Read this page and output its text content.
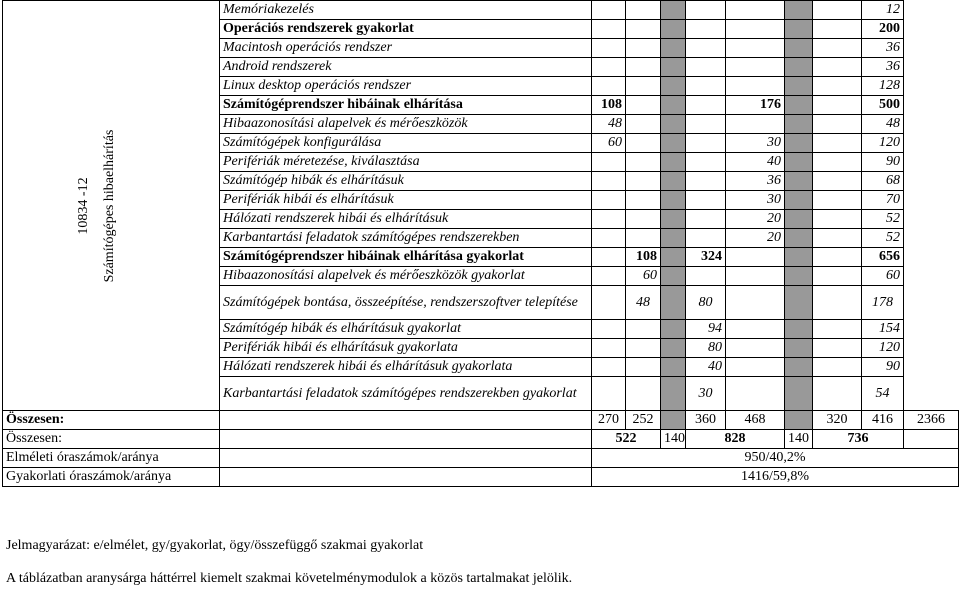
10834 -12 Számítógépes hibaelhárítás	Memóriakezelés								12	
	Operációs rendszerek gyakorlat								200	
	Macintosh operációs rendszer								36	
	Android rendszerek								36	
	Linux desktop operációs rendszer								128	
	Számítógéprendszer hibáinak elhárítása	108				176			500	
	Hibaazonosítási alapelvek és mérőeszközök	48							48	
	Számítógépek konfigurálása	60				30			120	
	Perifériák méretezése, kiválasztása					40			90	
	Számítógép hibák és elhárításuk					36			68	
	Perifériák hibái és elhárításuk					30			70	
	Hálózati rendszerek hibái és elhárításuk					20			52	
	Karbantartási feladatok számítógépes rendszerekben					20			52	
	Számítógéprendszer hibáinak elhárítása gyakorlat		108		324				656	
	Hibaazonosítási alapelvek és mérőeszközök gyakorlat		60						60	
	Számítógépek bontása, összeépítése, rendszerszoftver telepítése		48		80				178	
	Számítógép hibák és elhárításuk gyakorlat				94				154	
	Perifériák hibái és elhárításuk gyakorlata				80				120	
	Hálózati rendszerek hibái és elhárításuk gyakorlata				40				90	
	Karbantartási feladatok számítógépes rendszerekben gyakorlat				30				54	
Összesen:		270	252		360	468		320	416	2366
Összesen:		522		140	828		140	736		
Elméleti óraszámok/aránya		950/40,2%								
Gyakorlati óraszámok/aránya		1416/59,8%								
Jelmagyarázat: e/elmélet, gy/gyakorlat, ögy/összefüggő szakmai gyakorlat
A táblázatban aranysárga háttérrel kiemelt szakmai követelménymodulok a közös tartalmakat jelölik.
